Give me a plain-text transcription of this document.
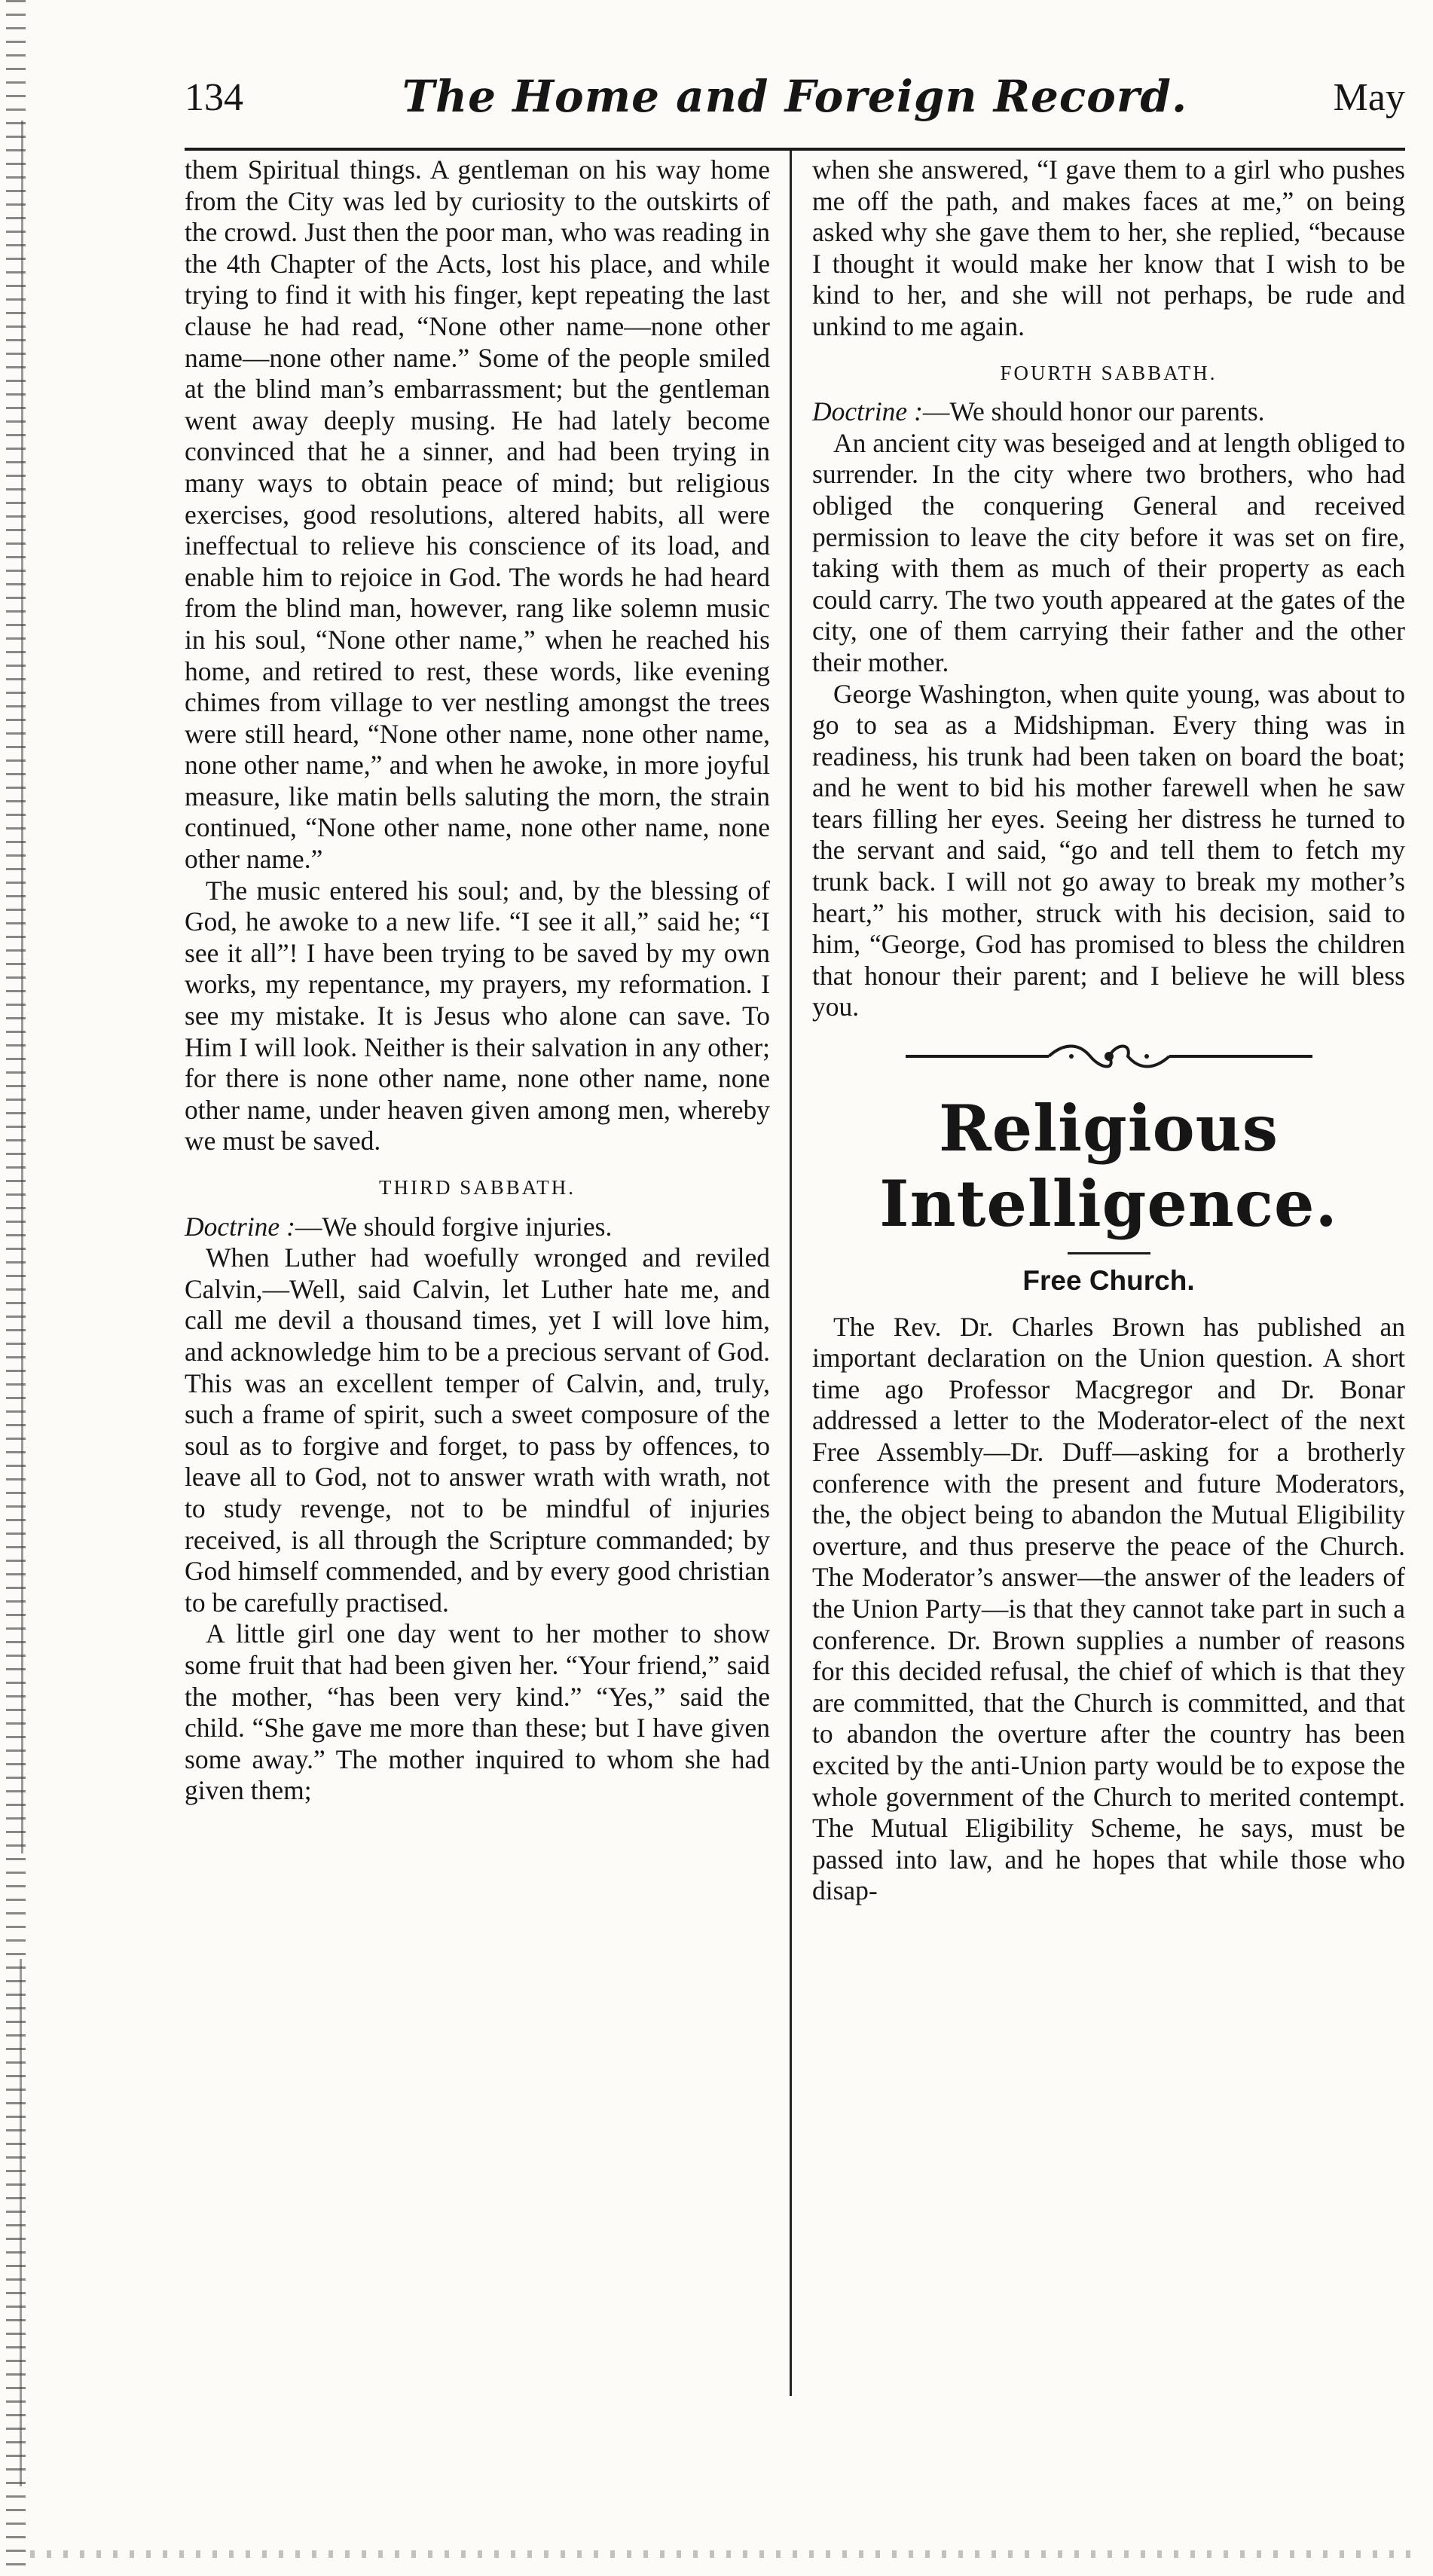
134	The Home and Foreign Record.	May

them Spiritual things. A gentleman on his way home from the City was led by curiosity to the outskirts of the crowd. Just then the poor man, who was reading in the 4th Chapter of the Acts, lost his place, and while trying to find it with his finger, kept repeating the last clause he had read, “None other name—none other name—none other name.” Some of the people smiled at the blind man’s embarrassment; but the gentleman went away deeply musing. He had lately become convinced that he a sinner, and had been trying in many ways to obtain peace of mind; but religious exercises, good resolutions, altered habits, all were ineffectual to relieve his conscience of its load, and enable him to rejoice in God. The words he had heard from the blind man, however, rang like solemn music in his soul, “None other name,” when he reached his home, and retired to rest, these words, like evening chimes from village to ver nestling amongst the trees were still heard, “None other name, none other name, none other name,” and when he awoke, in more joyful measure, like matin bells saluting the morn, the strain continued, “None other name, none other name, none other name.”

The music entered his soul; and, by the blessing of God, he awoke to a new life. “I see it all,” said he; “I see it all”! I have been trying to be saved by my own works, my repentance, my prayers, my reformation. I see my mistake. It is Jesus who alone can save. To Him I will look. Neither is their salvation in any other; for there is none other name, none other name, none other name, under heaven given among men, whereby we must be saved.

THIRD SABBATH.

Doctrine :—We should forgive injuries.

When Luther had woefully wronged and reviled Calvin,—Well, said Calvin, let Luther hate me, and call me devil a thousand times, yet I will love him, and acknowledge him to be a precious servant of God. This was an excellent temper of Calvin, and, truly, such a frame of spirit, such a sweet composure of the soul as to forgive and forget, to pass by offences, to leave all to God, not to answer wrath with wrath, not to study revenge, not to be mindful of injuries received, is all through the Scripture commanded; by God himself commended, and by every good christian to be carefully practised.

A little girl one day went to her mother to show some fruit that had been given her. “Your friend,” said the mother, “has been very kind.” “Yes,” said the child. “She gave me more than these; but I have given some away.” The mother inquired to whom she had given them;

when she answered, “I gave them to a girl who pushes me off the path, and makes faces at me,” on being asked why she gave them to her, she replied, “because I thought it would make her know that I wish to be kind to her, and she will not perhaps, be rude and unkind to me again.

FOURTH SABBATH.

Doctrine :—We should honor our parents.

An ancient city was beseiged and at length obliged to surrender. In the city where two brothers, who had obliged the conquering General and received permission to leave the city before it was set on fire, taking with them as much of their property as each could carry. The two youth appeared at the gates of the city, one of them carrying their father and the other their mother.

George Washington, when quite young, was about to go to sea as a Midshipman. Every thing was in readiness, his trunk had been taken on board the boat; and he went to bid his mother farewell when he saw tears filling her eyes. Seeing her distress he turned to the servant and said, “go and tell them to fetch my trunk back. I will not go away to break my mother’s heart,” his mother, struck with his decision, said to him, “George, God has promised to bless the children that honour their parent; and I believe he will bless you.

Religious Intelligence.
Free Church.

The Rev. Dr. Charles Brown has published an important declaration on the Union question. A short time ago Professor Macgregor and Dr. Bonar addressed a letter to the Moderator-elect of the next Free Assembly—Dr. Duff—asking for a brotherly conference with the present and future Moderators, the, the object being to abandon the Mutual Eligibility overture, and thus preserve the peace of the Church. The Moderator’s answer—the answer of the leaders of the Union Party—is that they cannot take part in such a conference. Dr. Brown supplies a number of reasons for this decided refusal, the chief of which is that they are committed, that the Church is committed, and that to abandon the overture after the country has been excited by the anti-Union party would be to expose the whole government of the Church to merited contempt. The Mutual Eligibility Scheme, he says, must be passed into law, and he hopes that while those who disap-
